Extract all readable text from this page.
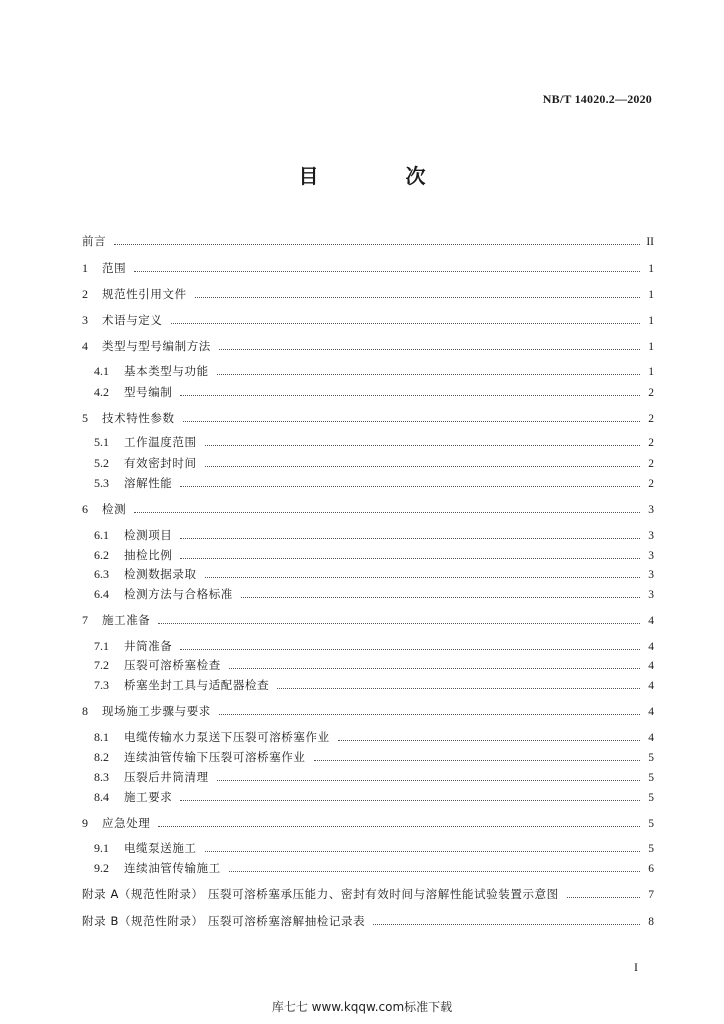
NB/T 14020.2—2020
目 次
前言	II
1	范围	1
2	规范性引用文件	1
3	术语与定义	1
4	类型与型号编制方法	1
4.1	基本类型与功能	1
4.2	型号编制	2
5	技术特性参数	2
5.1	工作温度范围	2
5.2	有效密封时间	2
5.3	溶解性能	2
6	检测	3
6.1	检测项目	3
6.2	抽检比例	3
6.3	检测数据录取	3
6.4	检测方法与合格标准	3
7	施工准备	4
7.1	井筒准备	4
7.2	压裂可溶桥塞检查	4
7.3	桥塞坐封工具与适配器检查	4
8	现场施工步骤与要求	4
8.1	电缆传输水力泵送下压裂可溶桥塞作业	4
8.2	连续油管传输下压裂可溶桥塞作业	5
8.3	压裂后井筒清理	5
8.4	施工要求	5
9	应急处理	5
9.1	电缆泵送施工	5
9.2	连续油管传输施工	6
附录 A（规范性附录） 压裂可溶桥塞承压能力、密封有效时间与溶解性能试验装置示意图	7
附录 B（规范性附录） 压裂可溶桥塞溶解抽检记录表	8
I
库七七 www.kqqw.com标准下载
